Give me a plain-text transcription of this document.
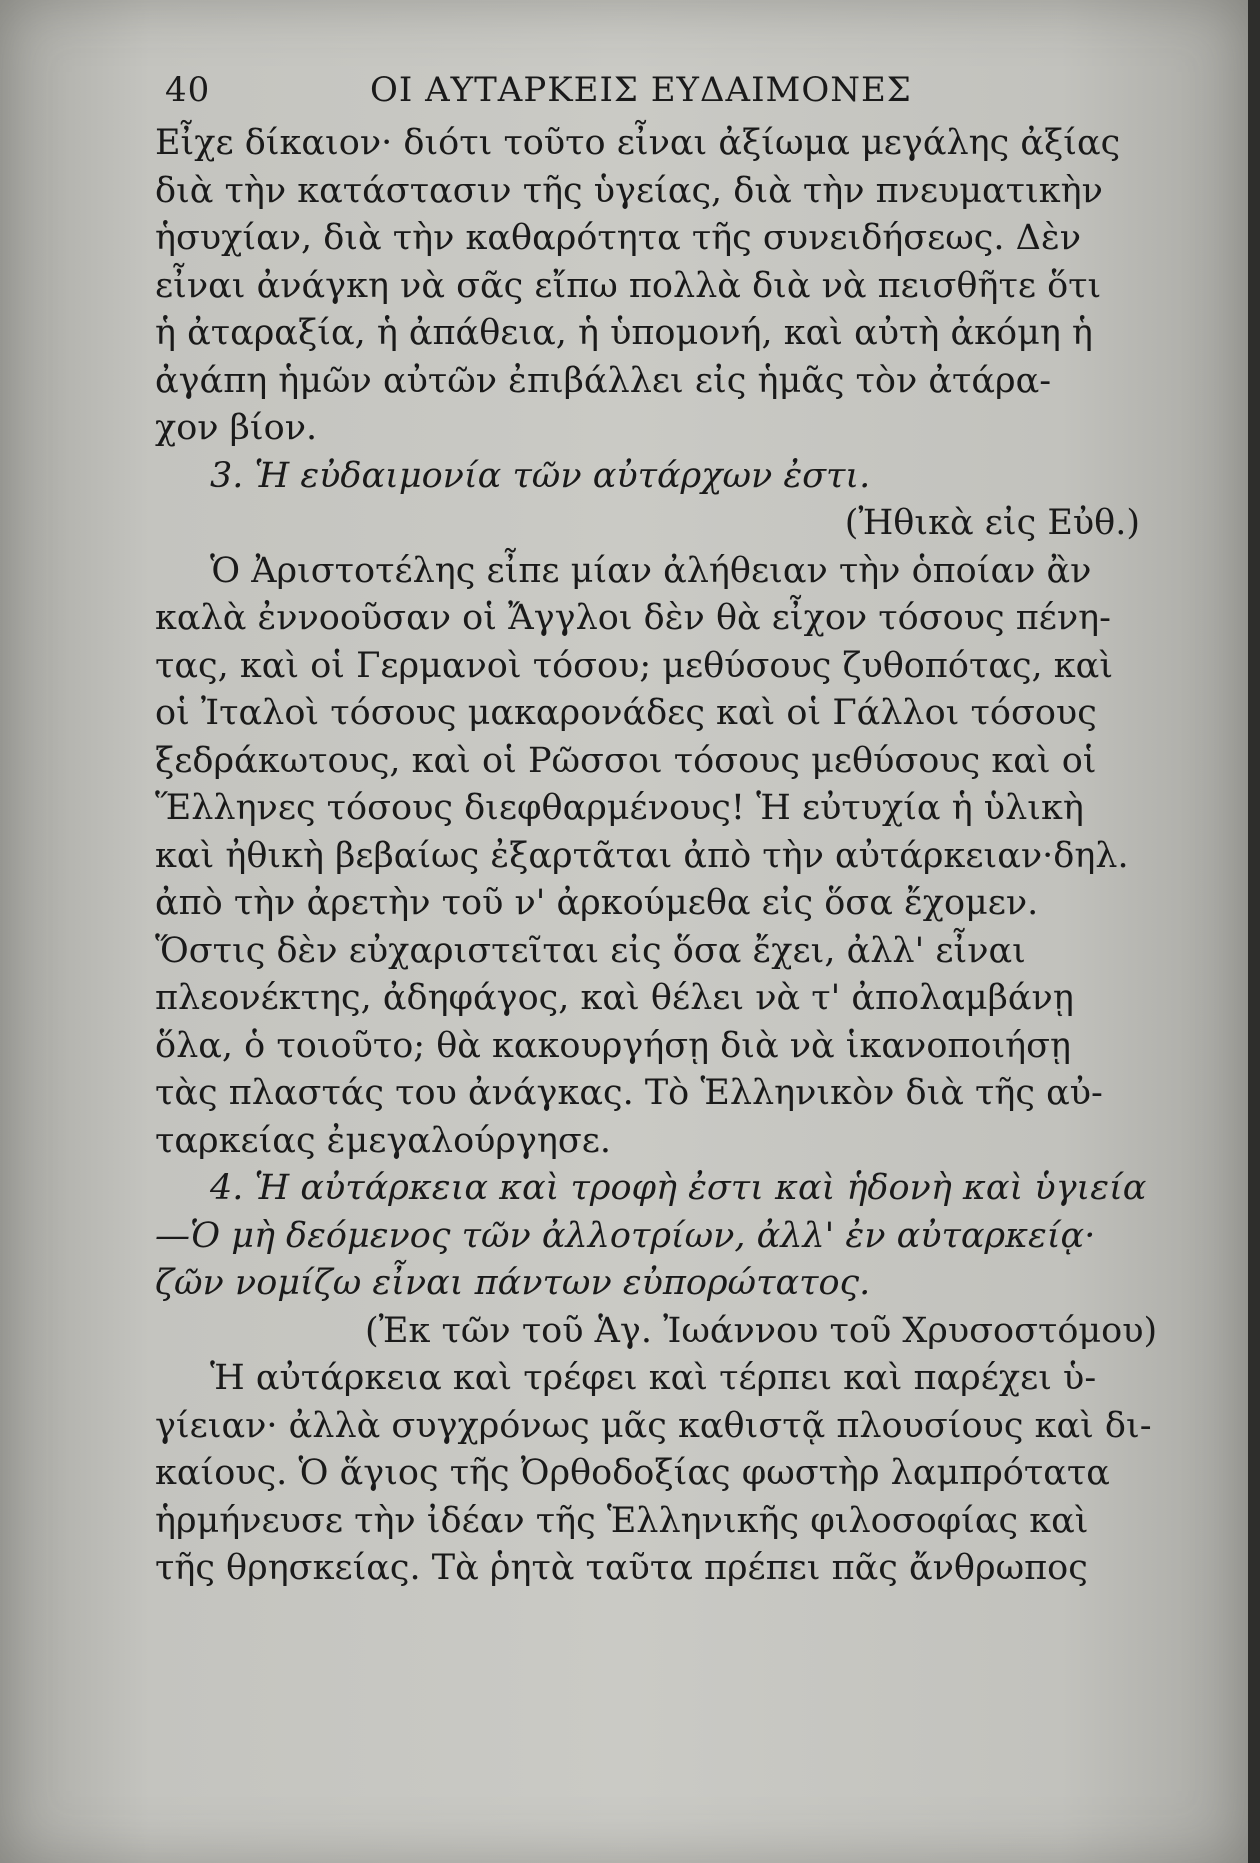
40	ΟΙ ΑΥΤΑΡΚΕΙΣ ΕΥΔΑΙΜΟΝΕΣ
Εἶχε δίκαιον· διότι τοῦτο εἶναι ἀξίωμα μεγάλης ἀξίας
διὰ τὴν κατάστασιν τῆς ὑγείας, διὰ τὴν πνευματικὴν
ἡσυχίαν, διὰ τὴν καθαρότητα τῆς συνειδήσεως. Δὲν
εἶναι ἀνάγκη νὰ σᾶς εἴπω πολλὰ διὰ νὰ πεισθῆτε ὅτι
ἡ ἀταραξία, ἡ ἀπάθεια, ἡ ὑπομονή, καὶ αὐτὴ ἀκόμη ἡ
ἀγάπη ἡμῶν αὐτῶν ἐπιβάλλει εἰς ἡμᾶς τὸν ἀτάρα-
χον βίον.
3. Ἡ εὐδαιμονία τῶν αὐτάρχων ἐστι.
(Ἠθικὰ εἰς Εὐθ.)
Ὁ Ἀριστοτέλης εἶπε μίαν ἀλήθειαν τὴν ὁποίαν ἂν
καλὰ ἐννοοῦσαν οἱ Ἄγγλοι δὲν θὰ εἶχον τόσους πένη-
τας, καὶ οἱ Γερμανοὶ τόσου; μεθύσους ζυθοπότας, καὶ
οἱ Ἰταλοὶ τόσους μακαρονάδες καὶ οἱ Γάλλοι τόσους
ξεδράκωτους, καὶ οἱ Ρῶσσοι τόσους μεθύσους καὶ οἱ
Ἕλληνες τόσους διεφθαρμένους! Ἡ εὐτυχία ἡ ὑλικὴ
καὶ ἠθικὴ βεβαίως ἐξαρτᾶται ἀπὸ τὴν αὐτάρκειαν·δηλ.
ἀπὸ τὴν ἀρετὴν τοῦ ν' ἀρκούμεθα εἰς ὅσα ἔχομεν.
Ὅστις δὲν εὐχαριστεῖται εἰς ὅσα ἔχει, ἀλλ' εἶναι
πλεονέκτης, ἀδηφάγος, καὶ θέλει νὰ τ' ἀπολαμβάνῃ
ὅλα, ὁ τοιοῦτο; θὰ κακουργήσῃ διὰ νὰ ἱκανοποιήσῃ
τὰς πλαστάς του ἀνάγκας. Τὸ Ἑλληνικὸν διὰ τῆς αὐ-
ταρκείας ἐμεγαλούργησε.
4. Ἡ αὐτάρκεια καὶ τροφὴ ἐστι καὶ ἡδονὴ καὶ ὑγιεία
—Ὁ μὴ δεόμενος τῶν ἀλλοτρίων, ἀλλ' ἐν αὐταρκείᾳ·
ζῶν νομίζω εἶναι πάντων εὐπορώτατος.
(Ἐκ τῶν τοῦ Ἁγ. Ἰωάννου τοῦ Χρυσοστόμου)
Ἡ αὐτάρκεια καὶ τρέφει καὶ τέρπει καὶ παρέχει ὑ-
γίειαν· ἀλλὰ συγχρόνως μᾶς καθιστᾷ πλουσίους καὶ δι-
καίους. Ὁ ἅγιος τῆς Ὀρθοδοξίας φωστὴρ λαμπρότατα
ἡρμήνευσε τὴν ἰδέαν τῆς Ἑλληνικῆς φιλοσοφίας καὶ
τῆς θρησκείας. Τὰ ῥητὰ ταῦτα πρέπει πᾶς ἄνθρωπος
